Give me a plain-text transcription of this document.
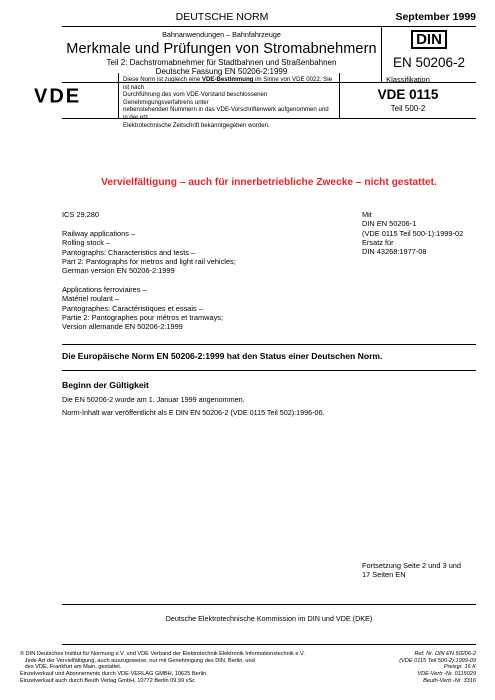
DEUTSCHE NORM	September 1999
Bahnanwendungen – Bahnfahrzeuge
Merkmale und Prüfungen von Stromabnehmern
Teil 2: Dachstromabnehmer für Stadtbahnen und Straßenbahnen
Deutsche Fassung EN 50206-2:1999
DIN
EN 50206-2
VDE
Diese Norm ist zugleich eine VDE-Bestimmung im Sinne von VDE 0022. Sie ist nach
Durchführung des vom VDE-Vorstand beschlossenen Genehmigungsverfahrens unter
nebenstehenden Nummern in das VDE-Vorschriftenwerk aufgenommen und in der etz
Elektrotechnische Zeitschrift bekanntgegeben worden.
Klassifikation
VDE 0115
Teil 500-2
Vervielfältigung – auch für innerbetriebliche Zwecke – nicht gestattet.
ICS 29.280
Railway applications –
Rolling stock –
Pantographs: Characteristics and tests –
Part 2: Pantographs for metros and light rail vehicles;
German version EN 50206-2:1999
Applications ferroviaires –
Matériel roulant –
Pantographes: Caractéristiques et essais –
Partie 2: Pantographes pour métros et tramways;
Version allemande EN 50206-2:1999
Mit
DIN EN 50206-1
(VDE 0115 Teil 500-1):1999-02
Ersatz für
DIN 43268:1977-08
Die Europäische Norm EN 50206-2:1999 hat den Status einer Deutschen Norm.
Beginn der Gültigkeit
Die EN 50206-2 wurde am 1. Januar 1999 angenommen.
Norm-Inhalt war veröffentlicht als E DIN EN 50206-2 (VDE 0115 Teil 502):1996-06.
Fortsetzung Seite 2 und 3 und
17 Seiten EN
Deutsche Elektrotechnische Kommission im DIN und VDE (DKE)
© DIN Deutsches Institut für Normung e.V. und VDE Verband der Elektrotechnik Elektronik Informationstechnik e.V.
Jede Art der Vervielfältigung, auch auszugsweise, nur mit Genehmigung des DIN, Berlin, und
des VDE, Frankfurt am Main, gestattet.
Einzelverkauf und Abonnements durch VDE-VERLAG GMBH, 10625 Berlin
Einzelverkauf auch durch Beuth Verlag GmbH, 10772 Berlin 09.99 vSc
Ref. Nr. DIN EN 50206-2
(VDE 0115 Teil 500-2):1999-09
Preisgr. 16 K
VDE-Vertr.-Nr. 0115029
Beuth-Vertr.-Nr. 3316
